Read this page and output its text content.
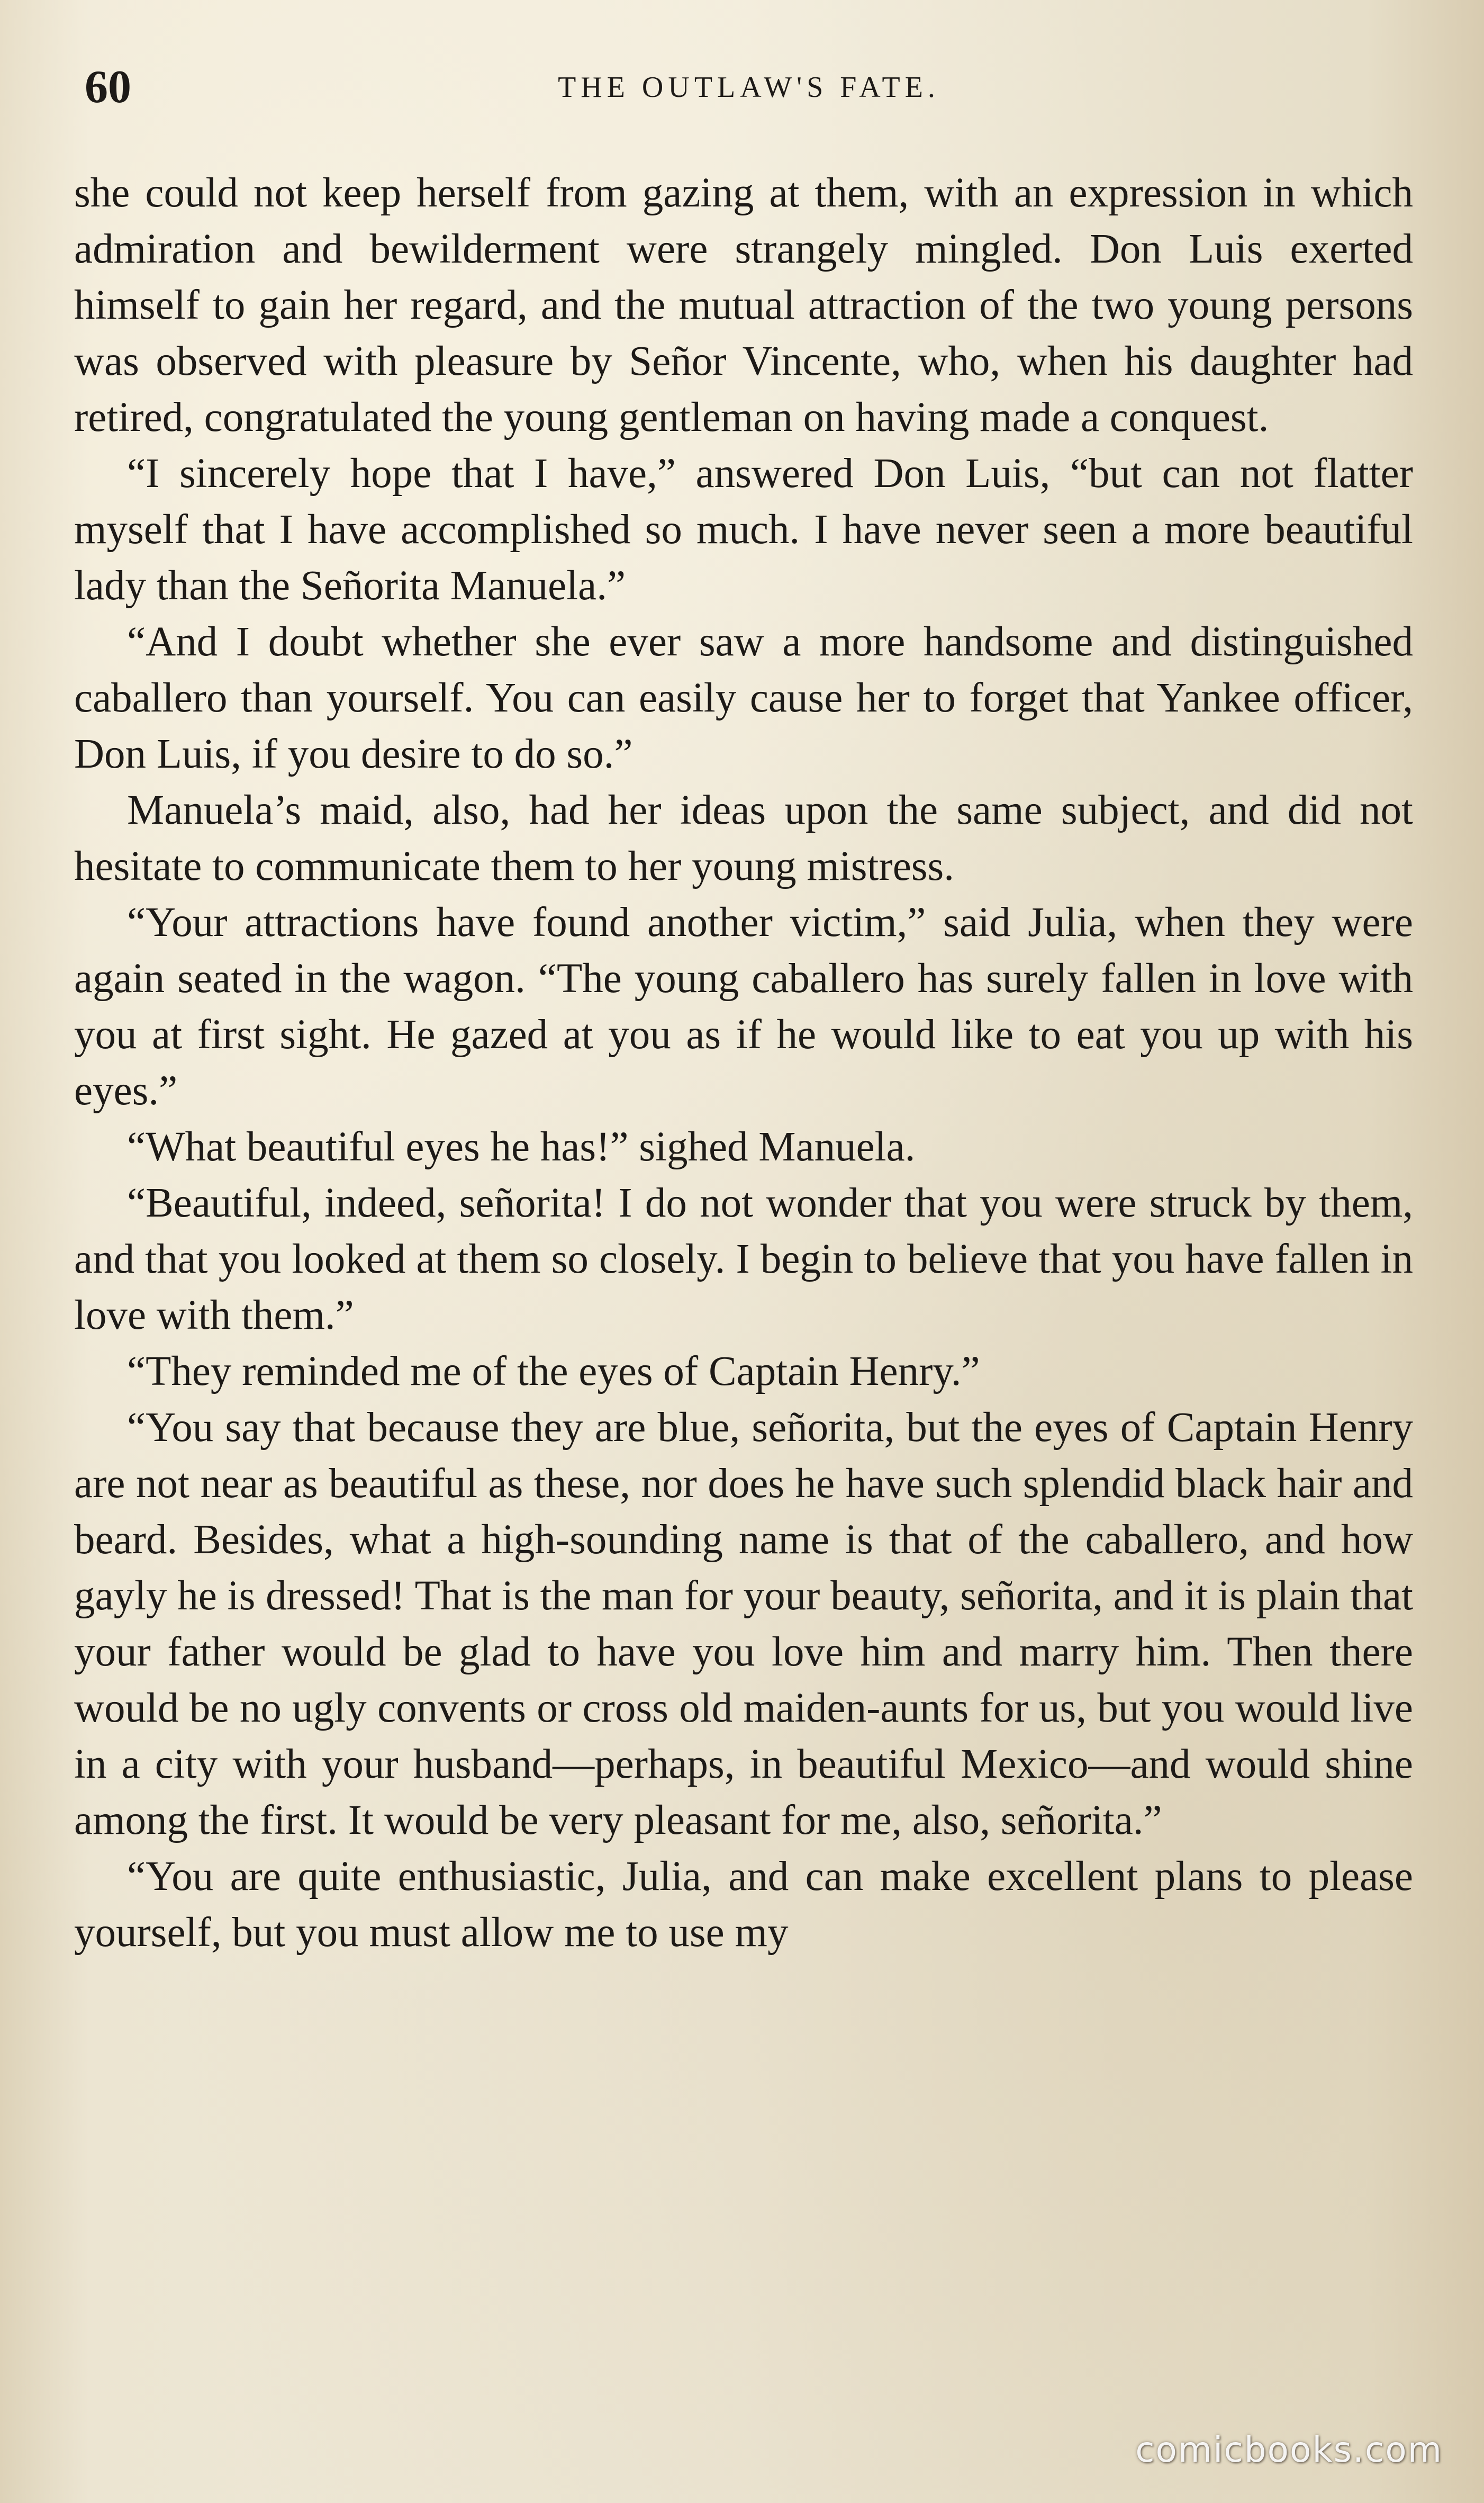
60	THE OUTLAW'S FATE.

she could not keep herself from gazing at them, with an expression in which admiration and bewilderment were strangely mingled. Don Luis exerted himself to gain her regard, and the mutual attraction of the two young persons was observed with pleasure by Señor Vincente, who, when his daughter had retired, congratulated the young gentleman on having made a conquest.

“I sincerely hope that I have,” answered Don Luis, “but can not flatter myself that I have accomplished so much. I have never seen a more beautiful lady than the Señorita Manuela.”

“And I doubt whether she ever saw a more handsome and distinguished caballero than yourself. You can easily cause her to forget that Yankee officer, Don Luis, if you desire to do so.”

Manuela’s maid, also, had her ideas upon the same subject, and did not hesitate to communicate them to her young mistress.

“Your attractions have found another victim,” said Julia, when they were again seated in the wagon. “The young caballero has surely fallen in love with you at first sight. He gazed at you as if he would like to eat you up with his eyes.”

“What beautiful eyes he has!” sighed Manuela.

“Beautiful, indeed, señorita! I do not wonder that you were struck by them, and that you looked at them so closely. I begin to believe that you have fallen in love with them.”

“They reminded me of the eyes of Captain Henry.”

“You say that because they are blue, señorita, but the eyes of Captain Henry are not near as beautiful as these, nor does he have such splendid black hair and beard. Besides, what a high-sounding name is that of the caballero, and how gayly he is dressed! That is the man for your beauty, señorita, and it is plain that your father would be glad to have you love him and marry him. Then there would be no ugly convents or cross old maiden-aunts for us, but you would live in a city with your husband—perhaps, in beautiful Mexico—and would shine among the first. It would be very pleasant for me, also, señorita.”

“You are quite enthusiastic, Julia, and can make excellent plans to please yourself, but you must allow me to use my

comicbooks.com
